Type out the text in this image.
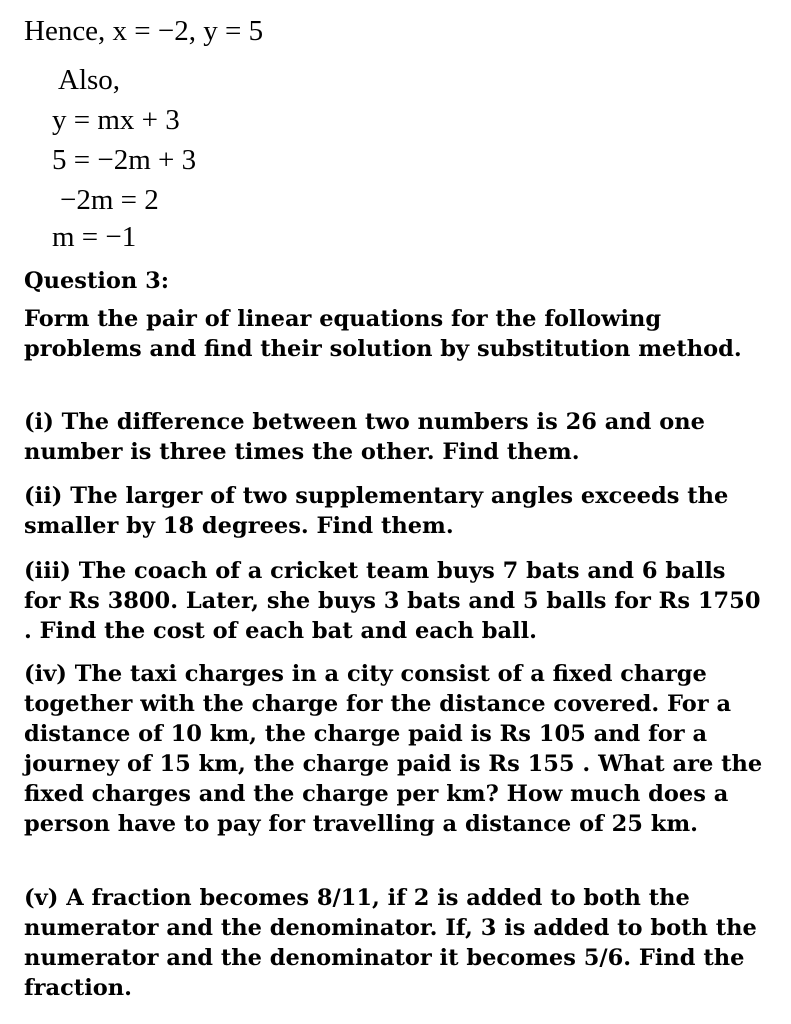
Hence, x = −2, y = 5
Also,
y = mx + 3
5 = −2m + 3
−2m = 2
m = −1
Question 3:

Form the pair of linear equations for the following problems and find their solution by substitution method.

(i) The difference between two numbers is 26 and one number is three times the other. Find them.

(ii) The larger of two supplementary angles exceeds the smaller by 18 degrees. Find them.

(iii) The coach of a cricket team buys 7 bats and 6 balls for Rs 3800. Later, she buys 3 bats and 5 balls for Rs 1750 . Find the cost of each bat and each ball.

(iv) The taxi charges in a city consist of a fixed charge together with the charge for the distance covered. For a distance of 10 km, the charge paid is Rs 105 and for a journey of 15 km, the charge paid is Rs 155 . What are the fixed charges and the charge per km? How much does a person have to pay for travelling a distance of 25 km.

(v) A fraction becomes 8/11, if 2 is added to both the numerator and the denominator. If, 3 is added to both the numerator and the denominator it becomes 5/6. Find the fraction.
